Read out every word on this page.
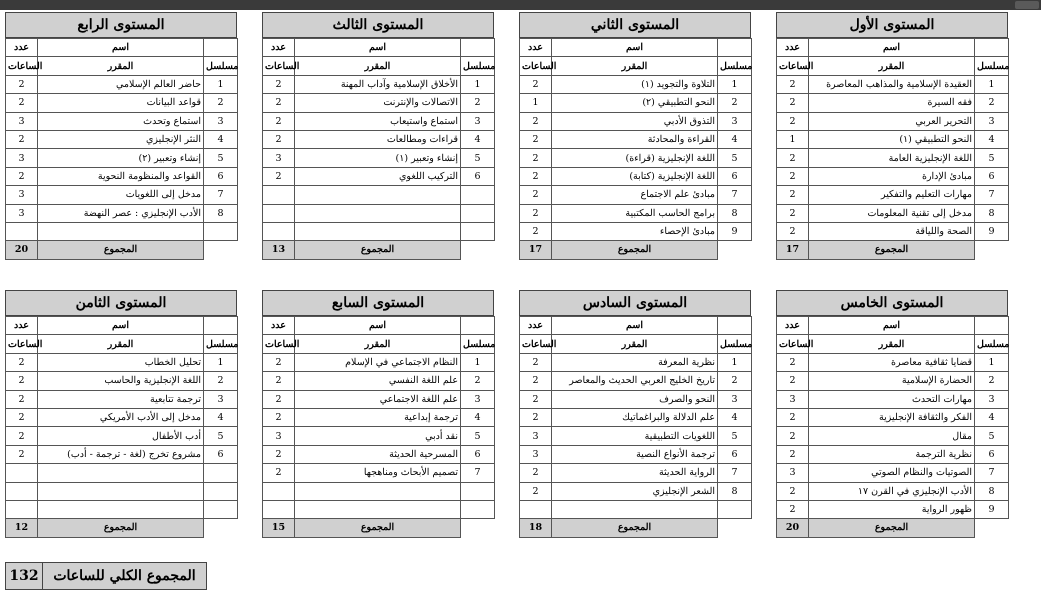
المستوى الأول
عدد	اسم	
الساعات	المقرر	مسلسل
2	العقيدة الإسلامية والمذاهب المعاصرة	1
2	فقه السيرة	2
2	التحرير العربي	3
1	النحو التطبيقي (١)	4
2	اللغة الإنجليزية العامة	5
2	مبادئ الإدارة	6
2	مهارات التعليم والتفكير	7
2	مدخل إلى تقنية المعلومات	8
2	الصحة واللياقة	9
17	المجموع	
المستوى الثاني
عدد	اسم	
الساعات	المقرر	مسلسل
2	التلاوة والتجويد (١)	1
1	النحو التطبيقي (٢)	2
2	التذوق الأدبي	3
2	القراءة والمحادثة	4
2	اللغة الإنجليزية (قراءة)	5
2	اللغة الإنجليزية (كتابة)	6
2	مبادئ علم الاجتماع	7
2	برامج الحاسب المكتبية	8
2	مبادئ الإحصاء	9
17	المجموع	
المستوى الثالث
عدد	اسم	
الساعات	المقرر	مسلسل
2	الأخلاق الإسلامية وآداب المهنة	1
2	الاتصالات والإنترنت	2
2	استماع واستيعاب	3
2	قراءات ومطالعات	4
3	إنشاء وتعبير (١)	5
2	التركيب اللغوي	6

13	المجموع	
المستوى الرابع
عدد	اسم	
الساعات	المقرر	مسلسل
2	حاضر العالم الإسلامي	1
2	قواعد البيانات	2
3	استماع وتحدث	3
2	النثر الإنجليزي	4
3	إنشاء وتعبير (٢)	5
2	القواعد والمنظومة النحوية	6
3	مدخل إلى اللغويات	7
3	الأدب الإنجليزي : عصر النهضة	8

20	المجموع	
المستوى الخامس
عدد	اسم	
الساعات	المقرر	مسلسل
2	قضايا ثقافية معاصرة	1
2	الحضارة الإسلامية	2
3	مهارات التحدث	3
2	الفكر والثقافة الإنجليزية	4
2	مقال	5
2	نظرية الترجمة	6
3	الصوتيات والنظام الصوتي	7
2	الأدب الإنجليزي في القرن ١٧	8
2	ظهور الرواية	9
20	المجموع	
المستوى السادس
عدد	اسم	
الساعات	المقرر	مسلسل
2	نظرية المعرفة	1
2	تاريخ الخليج العربي الحديث والمعاصر	2
2	النحو والصرف	3
2	علم الدلالة والبراغماتيك	4
3	اللغويات التطبيقية	5
3	ترجمة الأنواع النصية	6
2	الرواية الحديثة	7
2	الشعر الإنجليزي	8

18	المجموع	
المستوى السابع
عدد	اسم	
الساعات	المقرر	مسلسل
2	النظام الاجتماعي في الإسلام	1
2	علم اللغة النفسي	2
2	علم اللغة الاجتماعي	3
2	ترجمة إبداعية	4
3	نقد أدبي	5
2	المسرحية الحديثة	6
2	تصميم الأبحاث ومناهجها	7

15	المجموع	
المستوى الثامن
عدد	اسم	
الساعات	المقرر	مسلسل
2	تحليل الخطاب	1
2	اللغة الإنجليزية والحاسب	2
2	ترجمة تتابعية	3
2	مدخل إلى الأدب الأمريكي	4
2	أدب الأطفال	5
2	مشروع تخرج (لغة - ترجمة - أدب)	6

12	المجموع	
132	المجموع الكلي للساعات
